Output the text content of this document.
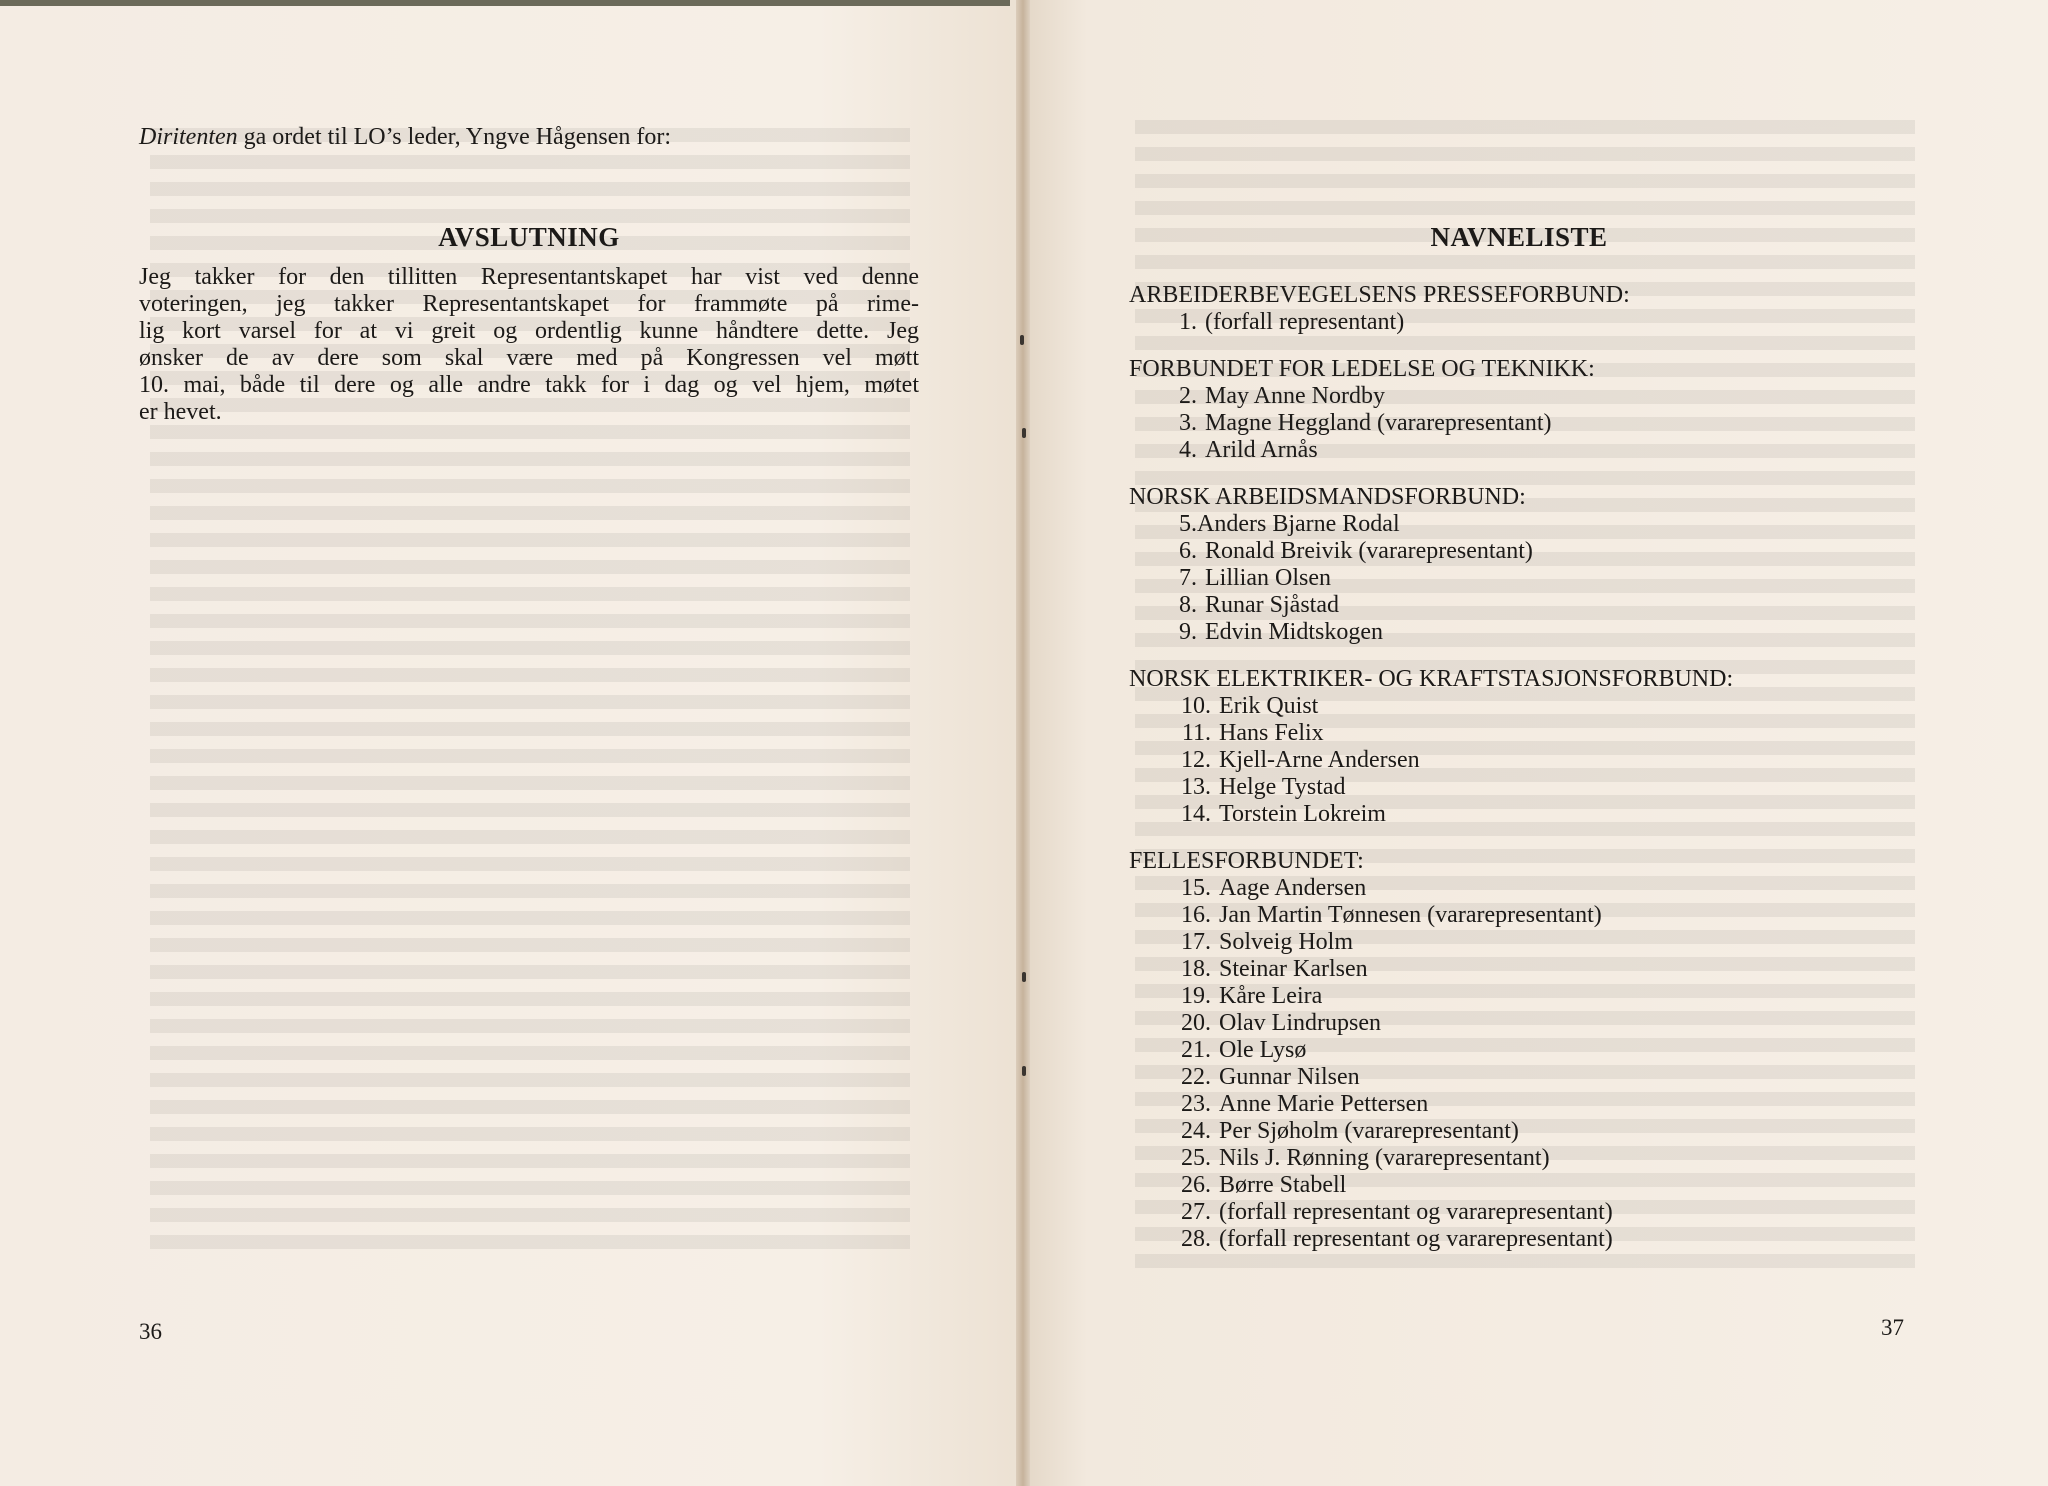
Diritenten ga ordet til LO’s leder, Yngve Hågensen for:
AVSLUTNING
Jeg takker for den tillitten Representantskapet har vist ved denne
voteringen, jeg takker Representantskapet for frammøte på rime-
lig kort varsel for at vi greit og ordentlig kunne håndtere dette. Jeg
ønsker de av dere som skal være med på Kongressen vel møtt
10. mai, både til dere og alle andre takk for i dag og vel hjem, møtet
er hevet.
36
NAVNELISTE
ARBEIDERBEVEGELSENS PRESSEFORBUND:
1. (forfall representant)
FORBUNDET FOR LEDELSE OG TEKNIKK:
2. May Anne Nordby
3. Magne Heggland (vararepresentant)
4. Arild Arnås
NORSK ARBEIDSMANDSFORBUND:
5.Anders Bjarne Rodal
6. Ronald Breivik (vararepresentant)
7. Lillian Olsen
8. Runar Sjåstad
9. Edvin Midtskogen
NORSK ELEKTRIKER- OG KRAFTSTASJONSFORBUND:
10. Erik Quist
11. Hans Felix
12. Kjell-Arne Andersen
13. Helge Tystad
14. Torstein Lokreim
FELLESFORBUNDET:
15. Aage Andersen
16. Jan Martin Tønnesen (vararepresentant)
17. Solveig Holm
18. Steinar Karlsen
19. Kåre Leira
20. Olav Lindrupsen
21. Ole Lysø
22. Gunnar Nilsen
23. Anne Marie Pettersen
24. Per Sjøholm (vararepresentant)
25. Nils J. Rønning (vararepresentant)
26. Børre Stabell
27. (forfall representant og vararepresentant)
28. (forfall representant og vararepresentant)
37
